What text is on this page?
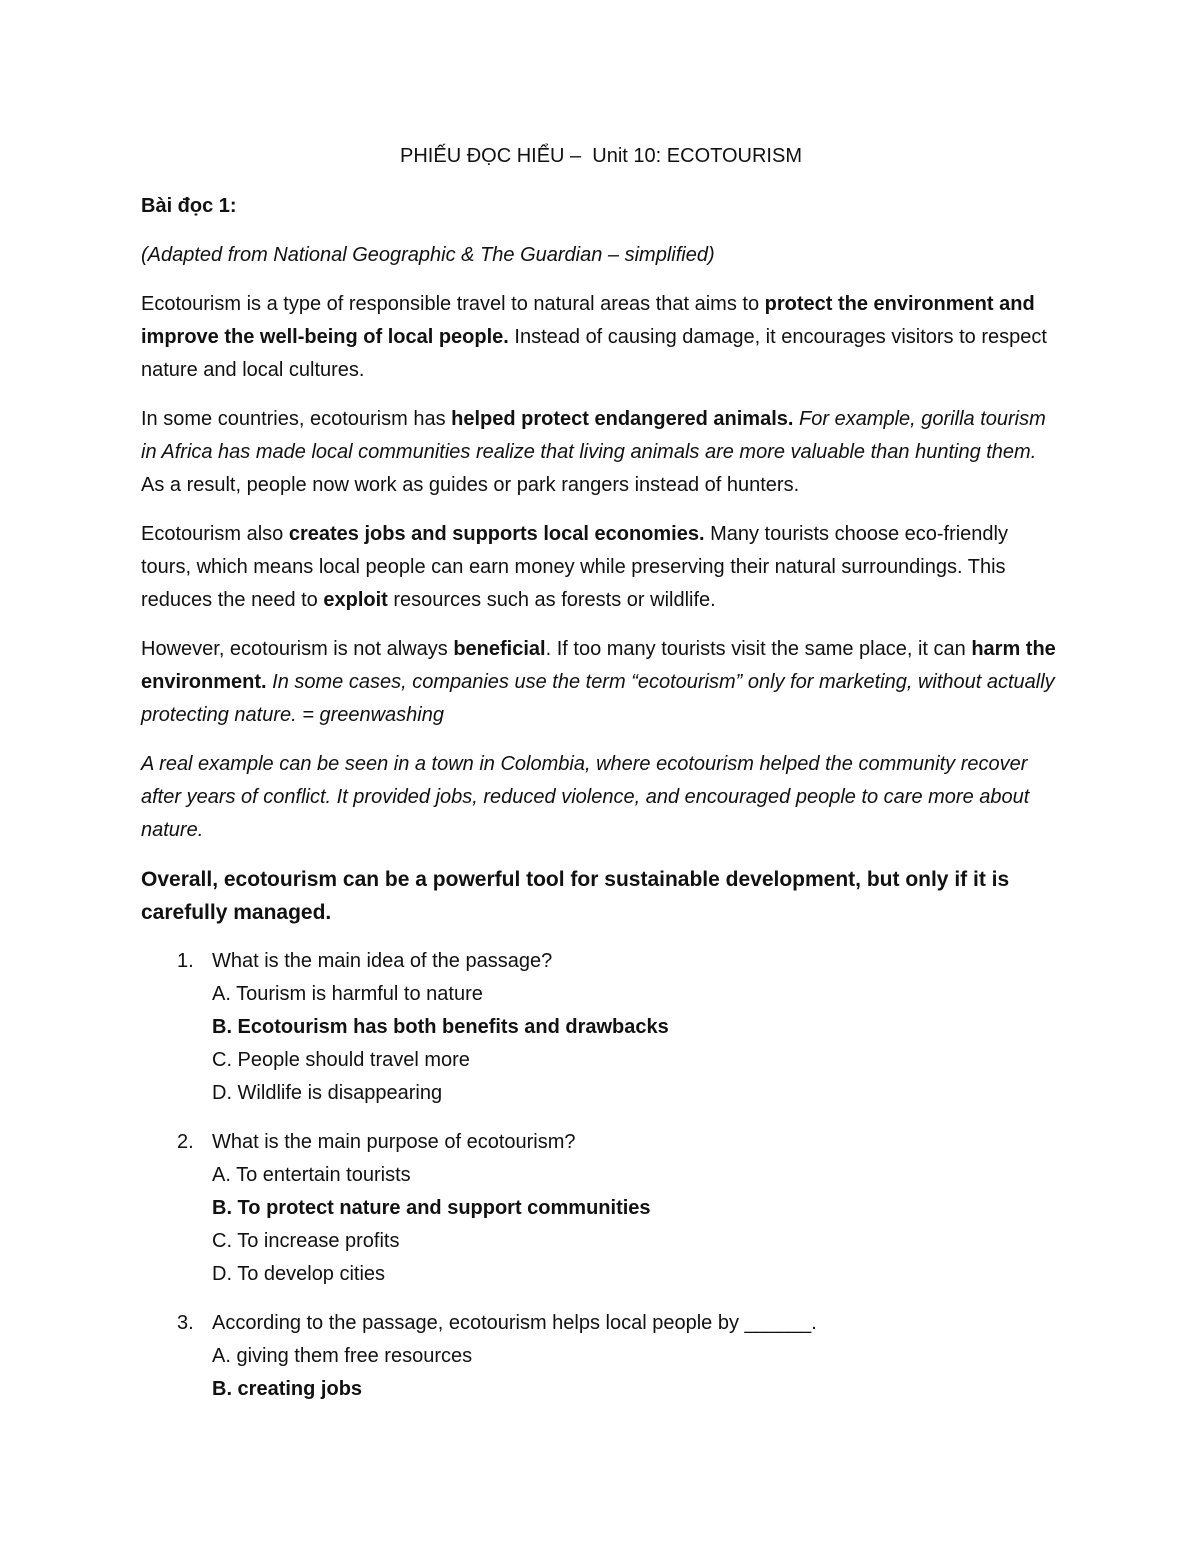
PHIẾU ĐỌC HIỂU – Unit 10: ECOTOURISM
Bài đọc 1:
(Adapted from National Geographic & The Guardian – simplified)

Ecotourism is a type of responsible travel to natural areas that aims to protect the environment and improve the well-being of local people. Instead of causing damage, it encourages visitors to respect nature and local cultures.

In some countries, ecotourism has helped protect endangered animals. For example, gorilla tourism in Africa has made local communities realize that living animals are more valuable than hunting them. As a result, people now work as guides or park rangers instead of hunters.

Ecotourism also creates jobs and supports local economies. Many tourists choose eco-friendly tours, which means local people can earn money while preserving their natural surroundings. This reduces the need to exploit resources such as forests or wildlife.

However, ecotourism is not always beneficial. If too many tourists visit the same place, it can harm the environment. In some cases, companies use the term “ecotourism” only for marketing, without actually protecting nature. = greenwashing

A real example can be seen in a town in Colombia, where ecotourism helped the community recover after years of conflict. It provided jobs, reduced violence, and encouraged people to care more about nature.

Overall, ecotourism can be a powerful tool for sustainable development, but only if it is carefully managed.
1. What is the main idea of the passage?
A. Tourism is harmful to nature
B. Ecotourism has both benefits and drawbacks
C. People should travel more
D. Wildlife is disappearing
2. What is the main purpose of ecotourism?
A. To entertain tourists
B. To protect nature and support communities
C. To increase profits
D. To develop cities
3. According to the passage, ecotourism helps local people by ______.
A. giving them free resources
B. creating jobs
